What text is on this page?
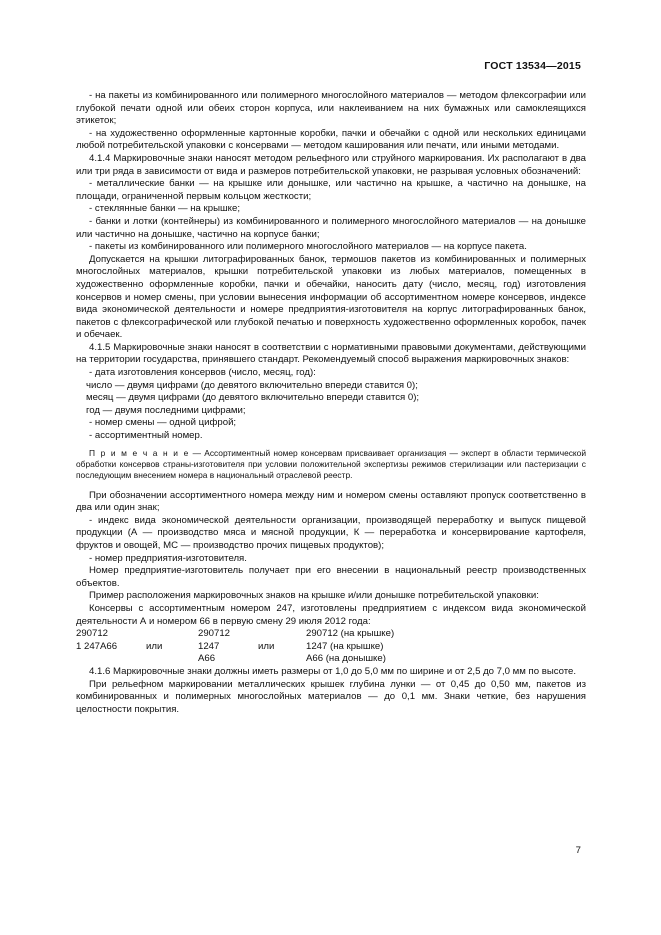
ГОСТ 13534—2015

- на пакеты из комбинированного или полимерного многослойного материалов — методом флексографии или глубокой печати одной или обеих сторон корпуса, или наклеиванием на них бумажных или самоклеящихся этикеток;

- на художественно оформленные картонные коробки, пачки и обечайки с одной или нескольких единицами любой потребительской упаковки с консервами — методом каширования или печати, или иными методами.

4.1.4 Маркировочные знаки наносят методом рельефного или струйного маркирования. Их располагают в два или три ряда в зависимости от вида и размеров потребительской упаковки, не разрывая условных обозначений:

- металлические банки — на крышке или донышке, или частично на крышке, а частично на донышке, на площади, ограниченной первым кольцом жесткости;

- стеклянные банки — на крышке;

- банки и лотки (контейнеры) из комбинированного и полимерного многослойного материалов — на донышке или частично на донышке, частично на корпусе банки;

- пакеты из комбинированного или полимерного многослойного материалов — на корпусе пакета.

Допускается на крышки литографированных банок, термошов пакетов из комбинированных и полимерных многослойных материалов, крышки потребительской упаковки из любых материалов, помещенных в художественно оформленные коробки, пачки и обечайки, наносить дату (число, месяц, год) изготовления консервов и номер смены, при условии вынесения информации об ассортиментном номере консервов, индексе вида экономической деятельности и номере предприятия-изготовителя на корпус литографированных банок, пакетов с флексографической или глубокой печатью и поверхность художественно оформленных коробок, пачек и обечаек.

4.1.5 Маркировочные знаки наносят в соответствии с нормативными правовыми документами, действующими на территории государства, принявшего стандарт. Рекомендуемый способ выражения маркировочных знаков:

- дата изготовления консервов (число, месяц, год):

число — двумя цифрами (до девятого включительно впереди ставится 0);

месяц — двумя цифрами (до девятого включительно впереди ставится 0);

год — двумя последними цифрами;

- номер смены — одной цифрой;

- ассортиментный номер.

П р и м е ч а н и е — Ассортиментный номер консервам присваивает организация — эксперт в области термической обработки консервов страны-изготовителя при условии положительной экспертизы режимов стерилизации или пастеризации с последующим внесением номера в национальный отраслевой реестр.

При обозначении ассортиментного номера между ним и номером смены оставляют пропуск соответственно в два или один знак;

- индекс вида экономической деятельности организации, производящей переработку и выпуск пищевой продукции (А — производство мяса и мясной продукции, К — переработка и консервирование картофеля, фруктов и овощей, МС — производство прочих пищевых продуктов);

- номер предприятия-изготовителя.

Номер предприятие-изготовитель получает при его внесении в национальный реестр производственных объектов.

Пример расположения маркировочных знаков на крышке и/или донышке потребительской упаковки:

Консервы с ассортиментным номером 247, изготовлены предприятием с индексом вида экономической деятельности А и номером 66 в первую смену 29 июля 2012 года:

290712		290712		290712 (на крышке)
1 247А66	или	1247	или	1247 (на крышке)
		А66		А66 (на донышке)

4.1.6 Маркировочные знаки должны иметь размеры от 1,0 до 5,0 мм по ширине и от 2,5 до 7,0 мм по высоте.

При рельефном маркировании металлических крышек глубина лунки — от 0,45 до 0,50 мм, пакетов из комбинированных и полимерных многослойных материалов — до 0,1 мм. Знаки четкие, без нарушения целостности покрытия.

7
